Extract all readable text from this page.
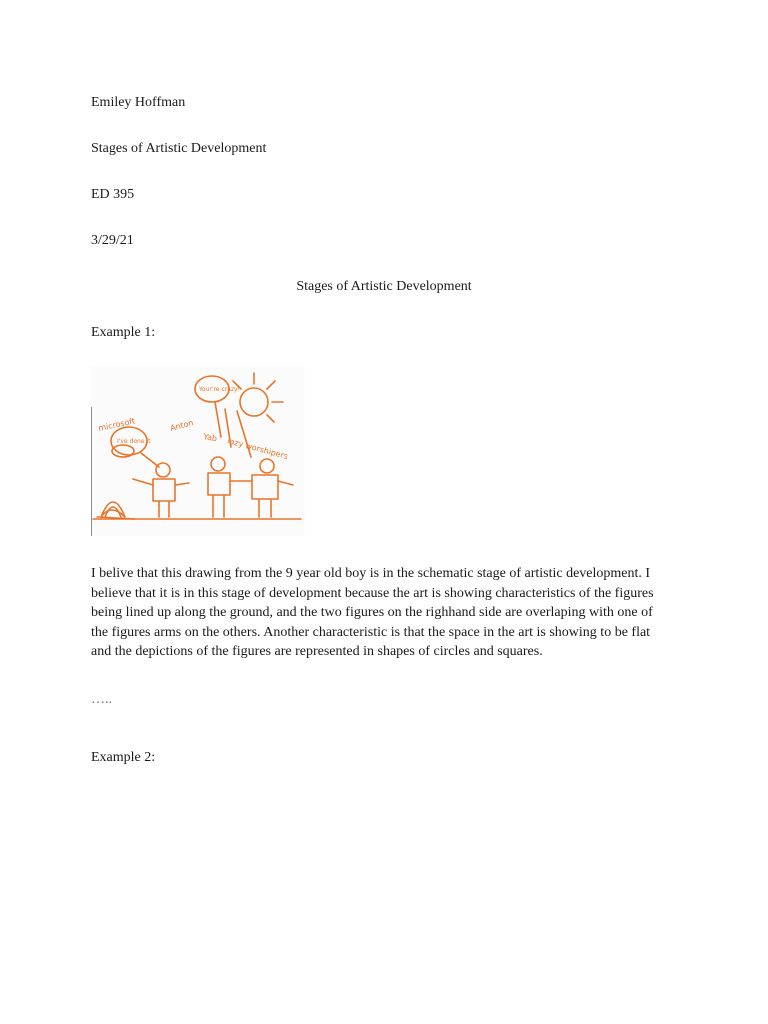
Emiley Hoffman
Stages of Artistic Development
ED 395
3/29/21
Stages of Artistic Development
Example 1:
microsoft
I've done it
Anton
Yab lazy worshipers
Your're crazy!
I belive that this drawing from the 9 year old boy is in the schematic stage of artistic development. I believe that it is in this stage of development because the art is showing characteristics of the figures being lined up along the ground, and the two figures on the righhand side are overlaping with one of the figures arms on the others. Another characteristic is that the space in the art is showing to be flat and the depictions of the figures are represented in shapes of circles and squares.
…..
Example 2:
